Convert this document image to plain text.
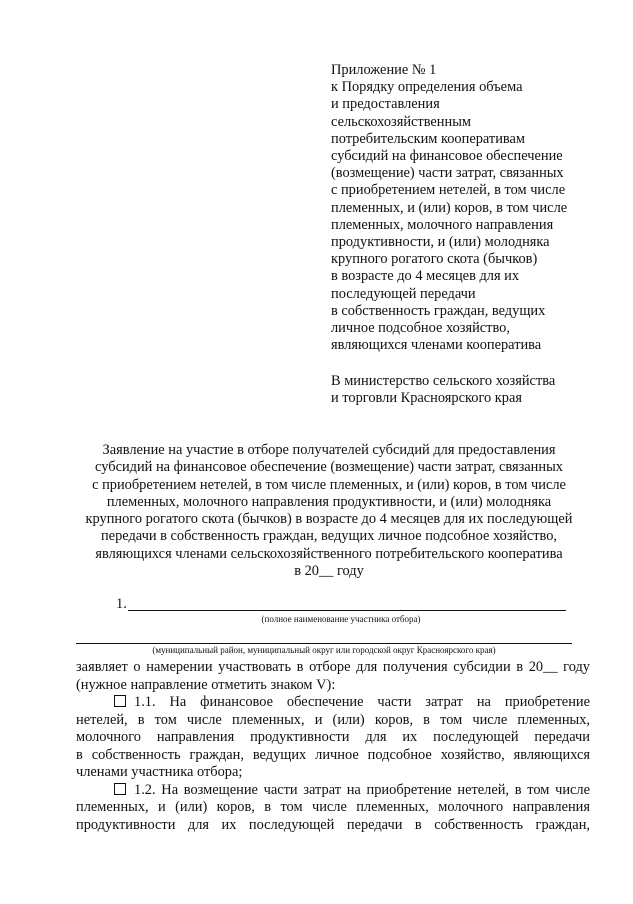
Приложение № 1
к Порядку определения объема
и предоставления
сельскохозяйственным
потребительским кооперативам
субсидий на финансовое обеспечение
(возмещение) части затрат, связанных
с приобретением нетелей, в том числе
племенных, и (или) коров, в том числе
племенных, молочного направления
продуктивности, и (или) молодняка
крупного рогатого скота (бычков)
в возрасте до 4 месяцев для их
последующей передачи
в собственность граждан, ведущих
личное подсобное хозяйство,
являющихся членами кооператива
В министерство сельского хозяйства
и торговли Красноярского края
Заявление на участие в отборе получателей субсидий для предоставления
субсидий на финансовое обеспечение (возмещение) части затрат, связанных
с приобретением нетелей, в том числе племенных, и (или) коров, в том числе
племенных, молочного направления продуктивности, и (или) молодняка
крупного рогатого скота (бычков) в возрасте до 4 месяцев для их последующей
передачи в собственность граждан, ведущих личное подсобное хозяйство,
являющихся членами сельскохозяйственного потребительского кооператива
в 20__ году
1.
(полное наименование участника отбора)
(муниципальный район, муниципальный округ или городской округ Красноярского края)
заявляет о намерении участвовать в отборе для получения субсидии в 20__ году
(нужное направление отметить знаком V):
1.1. На финансовое обеспечение части затрат на приобретение
нетелей, в том числе племенных, и (или) коров, в том числе племенных,
молочного направления продуктивности для их последующей передачи
в собственность граждан, ведущих личное подсобное хозяйство, являющихся
членами участника отбора;
1.2. На возмещение части затрат на приобретение нетелей, в том числе
племенных, и (или) коров, в том числе племенных, молочного направления
продуктивности для их последующей передачи в собственность граждан,
